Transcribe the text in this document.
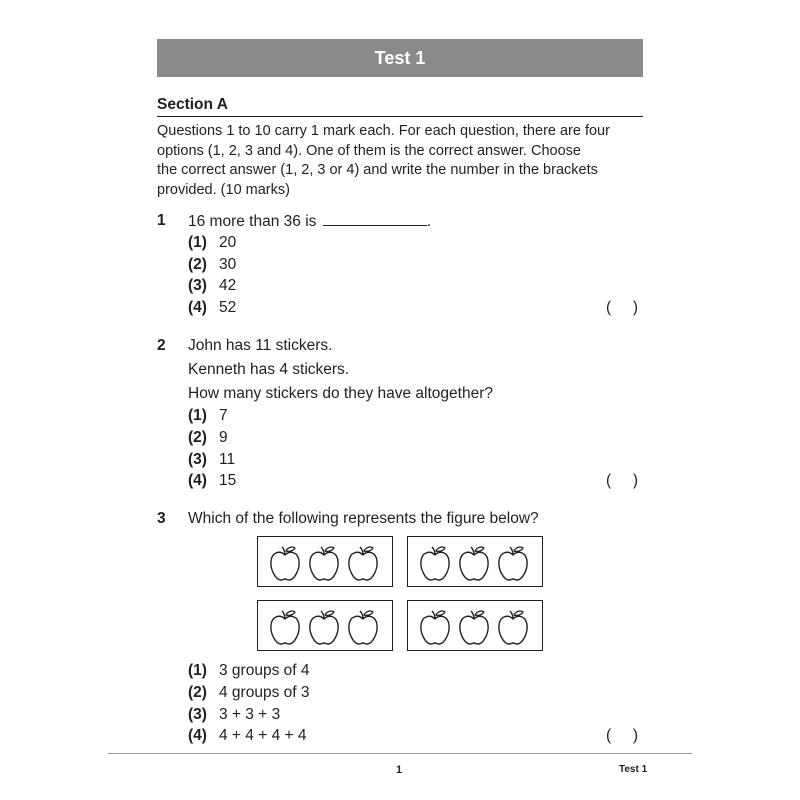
Test 1
Section A
Questions 1 to 10 carry 1 mark each. For each question, there are four
options (1, 2, 3 and 4). One of them is the correct answer. Choose
the correct answer (1, 2, 3 or 4) and write the number in the brackets
provided. (10 marks)
1 16 more than 36 is	.
(1) 20
(2) 30
(3) 42
(4) 52	( )
2 John has 11 stickers.
Kenneth has 4 stickers.
How many stickers do they have altogether?
(1) 7
(2) 9
(3) 11
(4) 15	( )
3 Which of the following represents the figure below?
(1) 3 groups of 4
(2) 4 groups of 3
(3) 3 + 3 + 3
(4) 4 + 4 + 4 + 4	( )
1	Test 1
